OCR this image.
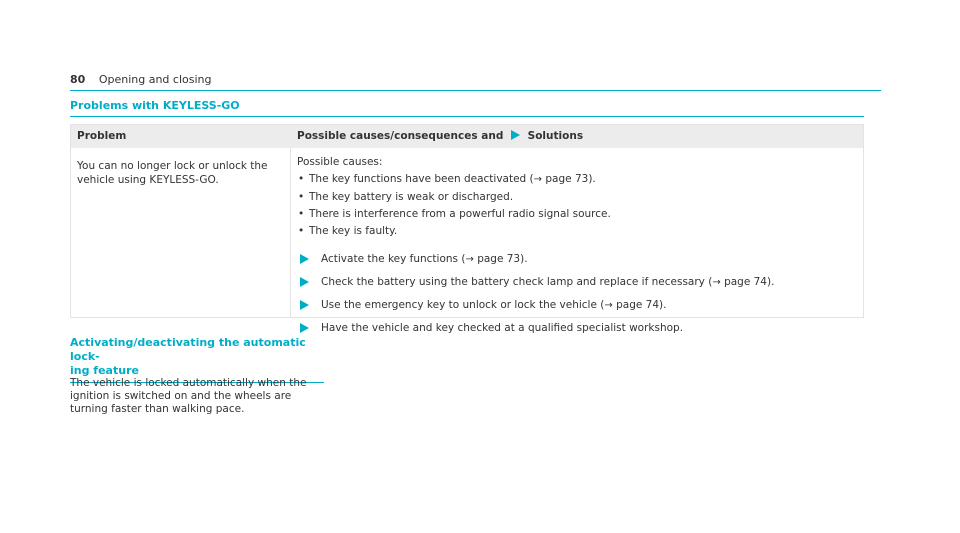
80 Opening and closing
Problems with KEYLESS-GO
Problem	Possible causes/consequences and Solutions
You can no longer lock or unlock the vehicle using KEYLESS-GO.
Possible causes:
• The key functions have been deactivated (→ page 73).
• The key battery is weak or discharged.
• There is interference from a powerful radio signal source.
• The key is faulty.
Activate the key functions (→ page 73).
Check the battery using the battery check lamp and replace if necessary (→ page 74).
Use the emergency key to unlock or lock the vehicle (→ page 74).
Have the vehicle and key checked at a qualified specialist workshop.
Activating/deactivating the automatic lock-
ing feature
The vehicle is locked automatically when the ignition is switched on and the wheels are turning faster than walking pace.
